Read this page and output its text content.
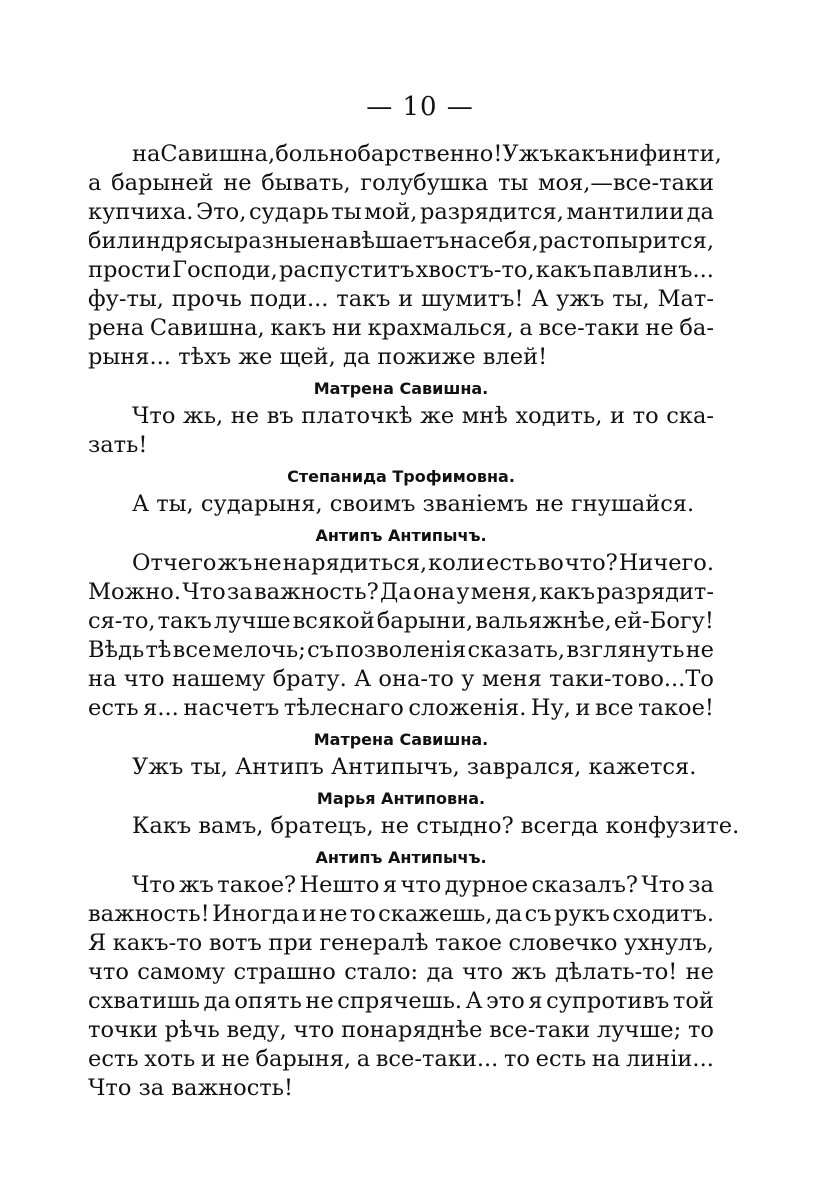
— 10 —
на Савишна, больно барственно! Ужъ какъ ни финти,
а барыней не бывать, голубушка ты моя,—все-таки
купчиха. Это, сударь ты мой, разрядится, мантилии да
билиндрясы разные навѣшаетъ на себя, растопырится,
прости Господи, распуститъ хвостъ-то, какъ павлинъ...
фу-ты, прочь поди... такъ и шумитъ! А ужъ ты, Мат-
рена Савишна, какъ ни крахмалься, а все-таки не ба-
рыня... тѣхъ же щей, да пожиже влей!
Матрена Савишна.
Что жь, не въ платочкѣ же мнѣ ходить, и то ска-
зать!
Степанида Трофимовна.
А ты, сударыня, своимъ званіемъ не гнушайся.
Антипъ Антипычъ.
Отчего жъ не нарядиться, коли есть во что? Ничего.
Можно. Что за важность? Да она у меня, какъ разрядит-
ся-то, такъ лучше всякой барыни, вальяжнѣе, ей-Богу!
Вѣдь тѣ все мелочь; съ позволенія сказать, взглянуть не
на что нашему брату. А она-то у меня таки-тово...То
есть я... насчетъ тѣлеснаго сложенія. Ну, и все такое!
Матрена Савишна.
Ужъ ты, Антипъ Антипычъ, заврался, кажется.
Марья Антиповна.
Какъ вамъ, братецъ, не стыдно? всегда конфузите.
Антипъ Антипычъ.
Что жъ такое? Нешто я что дурное сказалъ? Что за
важность! Иногда и не то скажешь, да съ рукъ сходитъ.
Я какъ-то вотъ при генералѣ такое словечко ухнулъ,
что самому страшно стало: да что жъ дѣлать-то! не
схватишь да опять не спрячешь. А это я супротивъ той
точки рѣчь веду, что понаряднѣе все-таки лучше; то
есть хоть и не барыня, а все-таки... то есть на линіи...
Что за важность!
